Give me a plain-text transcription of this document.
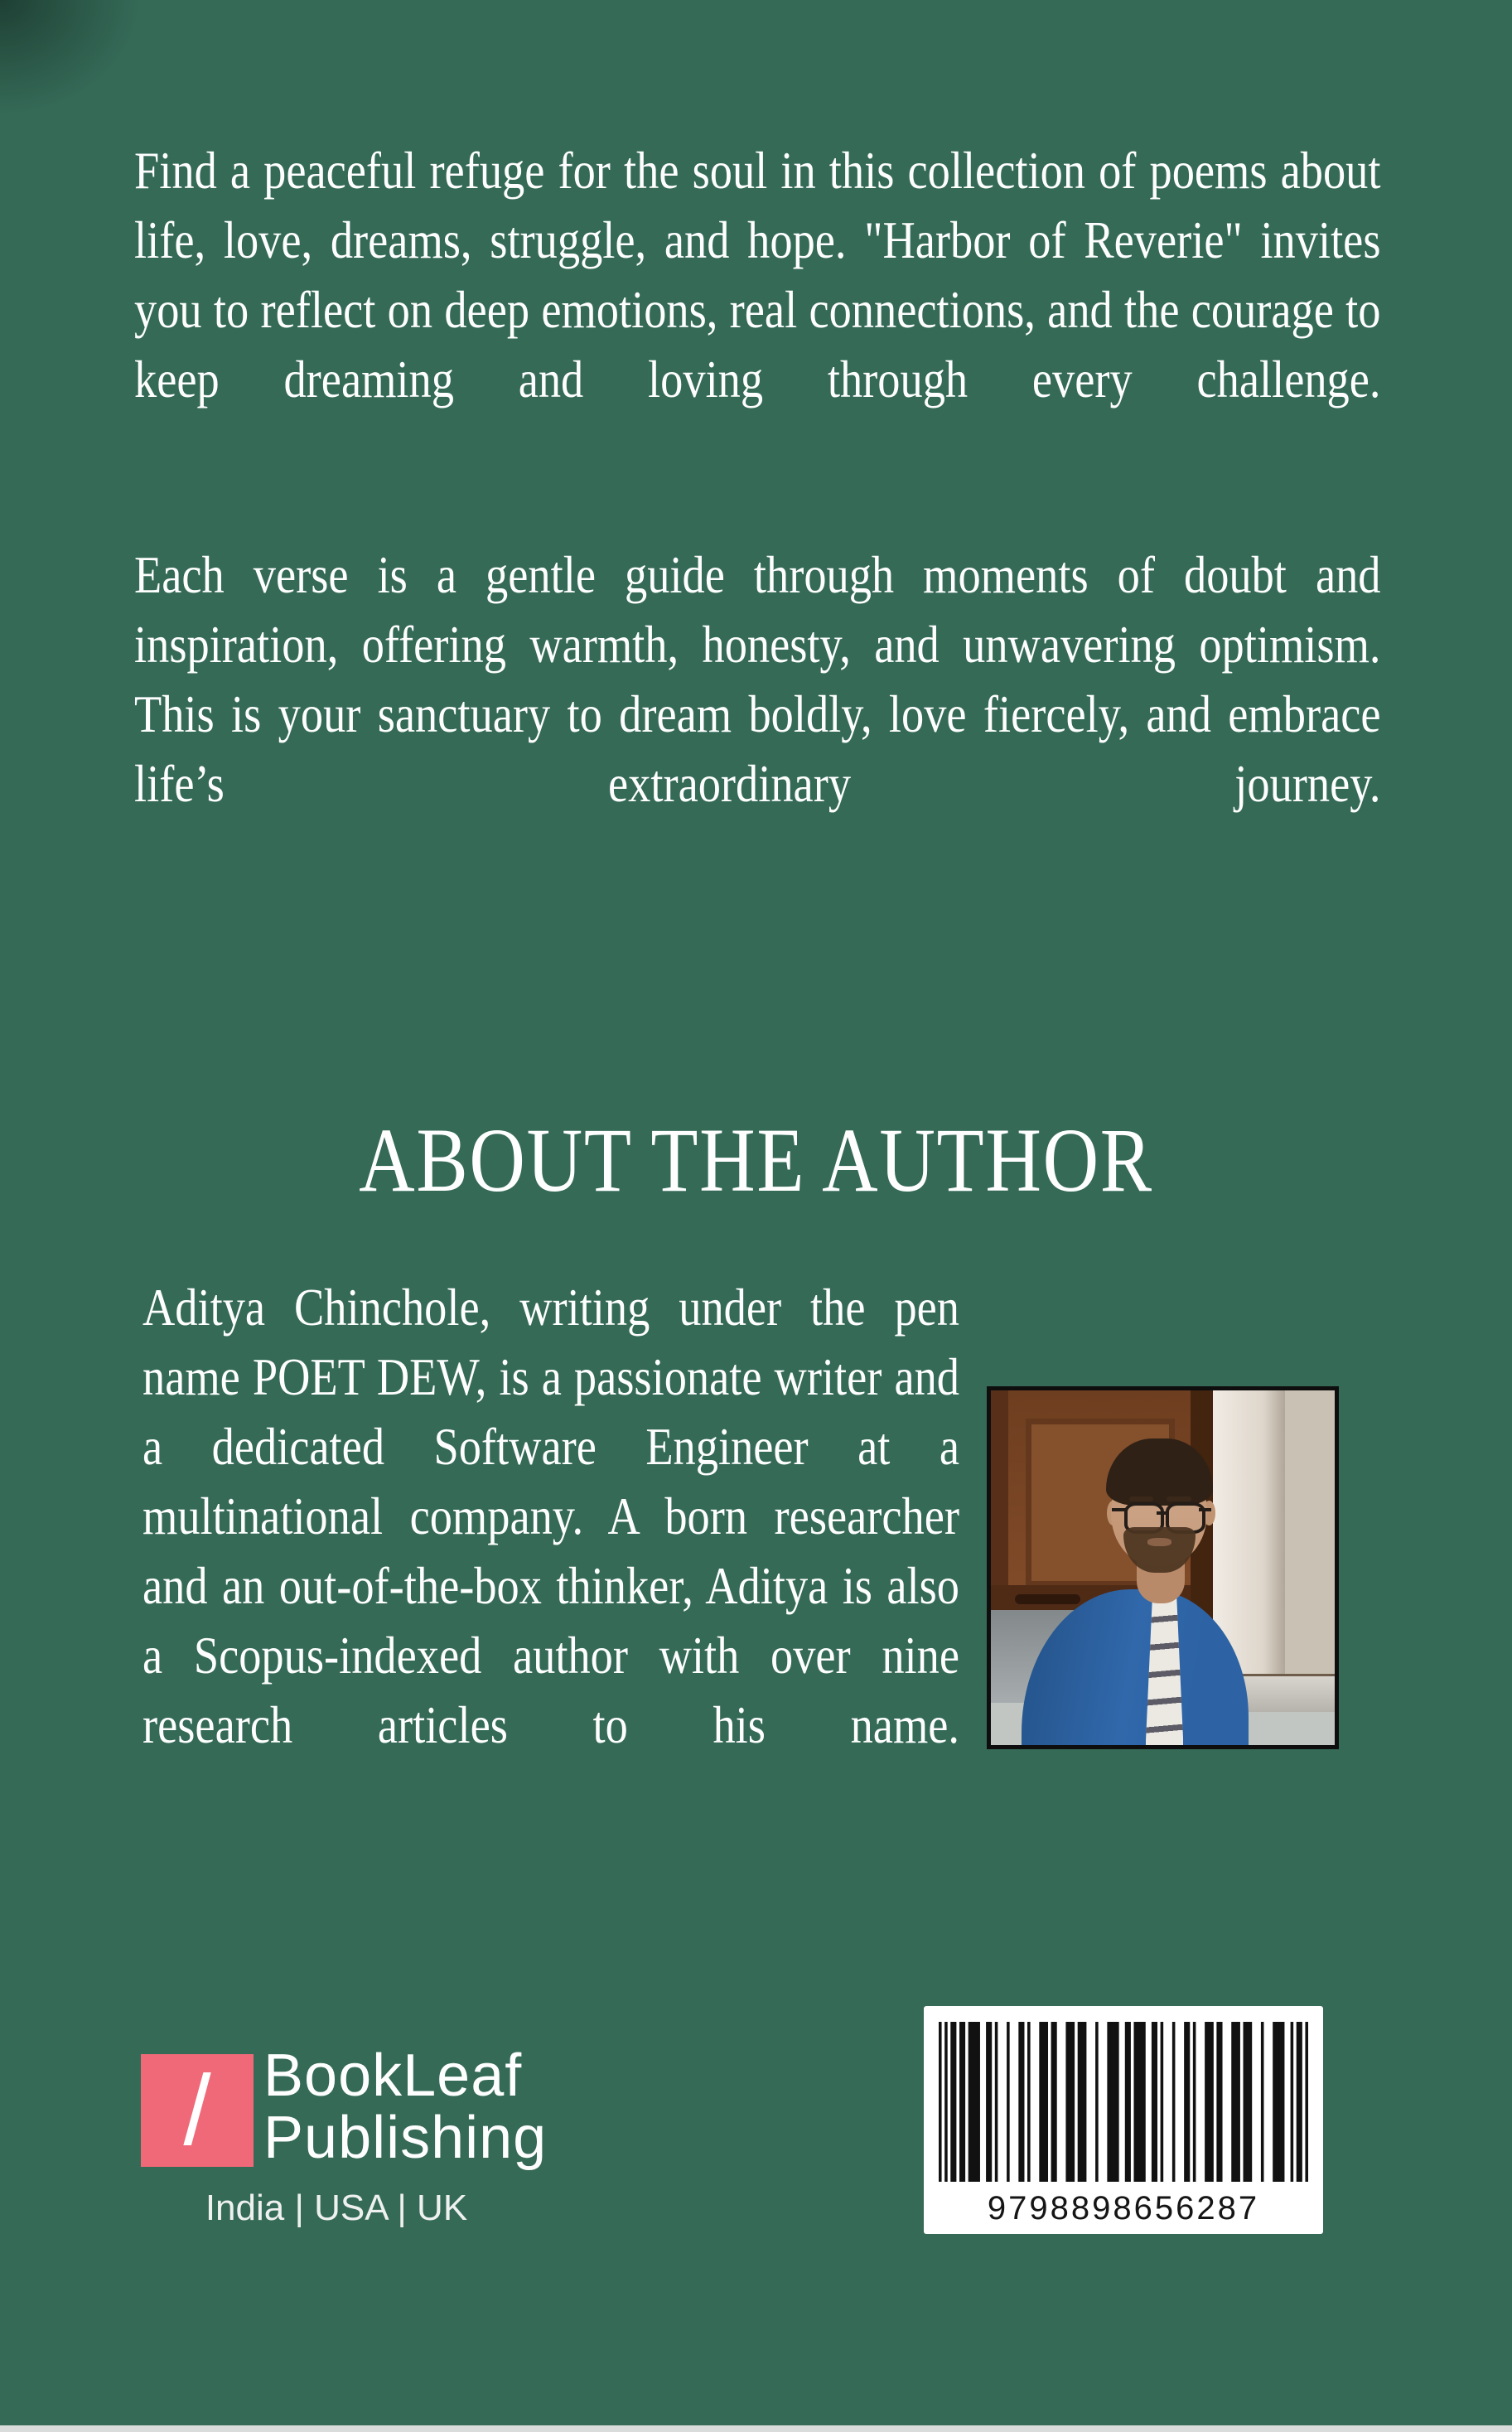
Find a peaceful refuge for the soul in this collection of poems about life, love, dreams, struggle, and hope. "Harbor of Reverie" invites you to reflect on deep emotions, real connections, and the courage to keep dreaming and loving through every challenge.
Each verse is a gentle guide through moments of doubt and inspiration, offering warmth, honesty, and unwavering optimism. This is your sanctuary to dream boldly, love fiercely, and embrace life’s extraordinary journey.
ABOUT THE AUTHOR
Aditya Chinchole, writing under the pen name POET DEW, is a passionate writer and a dedicated Software Engineer at a multinational company. A born researcher and an out-of-the-box thinker, Aditya is also a Scopus-indexed author with over nine research articles to his name.
/ BookLeaf
Publishing
India | USA | UK	9798898656287
